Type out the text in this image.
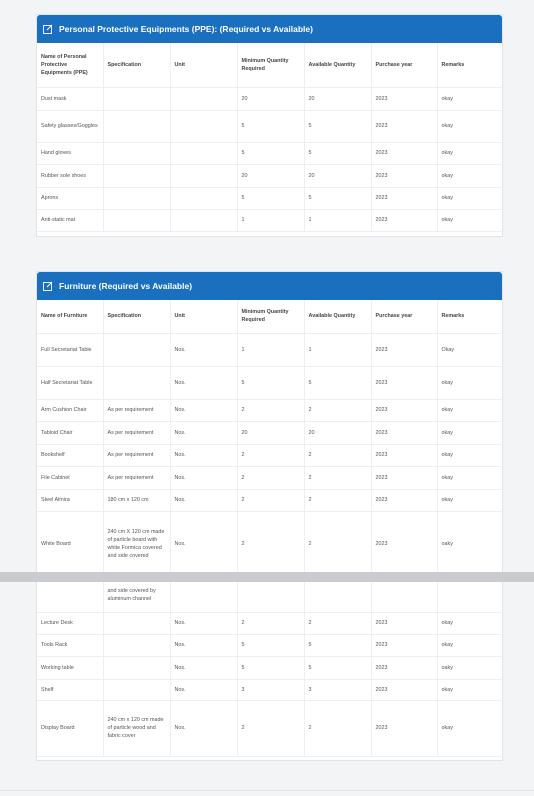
Personal Protective Equipments (PPE): (Required vs Available)
Name of Personal Protective Equipments (PPE)	Specification	Unit	Minimum Quantity Required	Available Quantity	Purchase year	Remarks
Dust mask			20	20	2023	okay
Safety glasses/Goggles			5	5	2023	okay
Hand gloves			5	5	2023	okay
Rubber sole shoes			20	20	2023	okay
Aprons			5	5	2023	okay
Anti-static mat			1	1	2023	okay
Furniture (Required vs Available)
Name of Furniture	Specification	Unit	Minimum Quantity Required	Available Quantity	Purchase year	Remarks
Full Secretariat Table		Nos.	1	1	2023	Okay
Half Secretariat Table		Nos.	5	5	2023	okay
Arm Cushion Chair	As per requirement	Nos.	2	2	2023	okay
Tabloid Chair	As per requirement	Nos.	20	20	2023	okay
Bookshelf	As per requirement	Nos.	2	2	2023	okay
File Cabinet	As per requirement	Nos.	2	2	2023	okay
Steel Almira	180 cm x 120 cm	Nos.	2	2	2023	okay
White Board	240 cm X 120 cm made of particle board with white Formica covered and side covered	Nos.	2	2	2023	oaky
	and side covered by aluminum channel					
Lecture Desk		Nos.	2	2	2023	okay
Tools Rack		Nos.	5	5	2023	okay
Working table		Nos.	5	5	2023	oaky
Shelf		Nos.	3	3	2023	okay
Display Board	240 cm x 120 cm made of particle wood and fabric cover	Nos.	2	2	2023	okay
